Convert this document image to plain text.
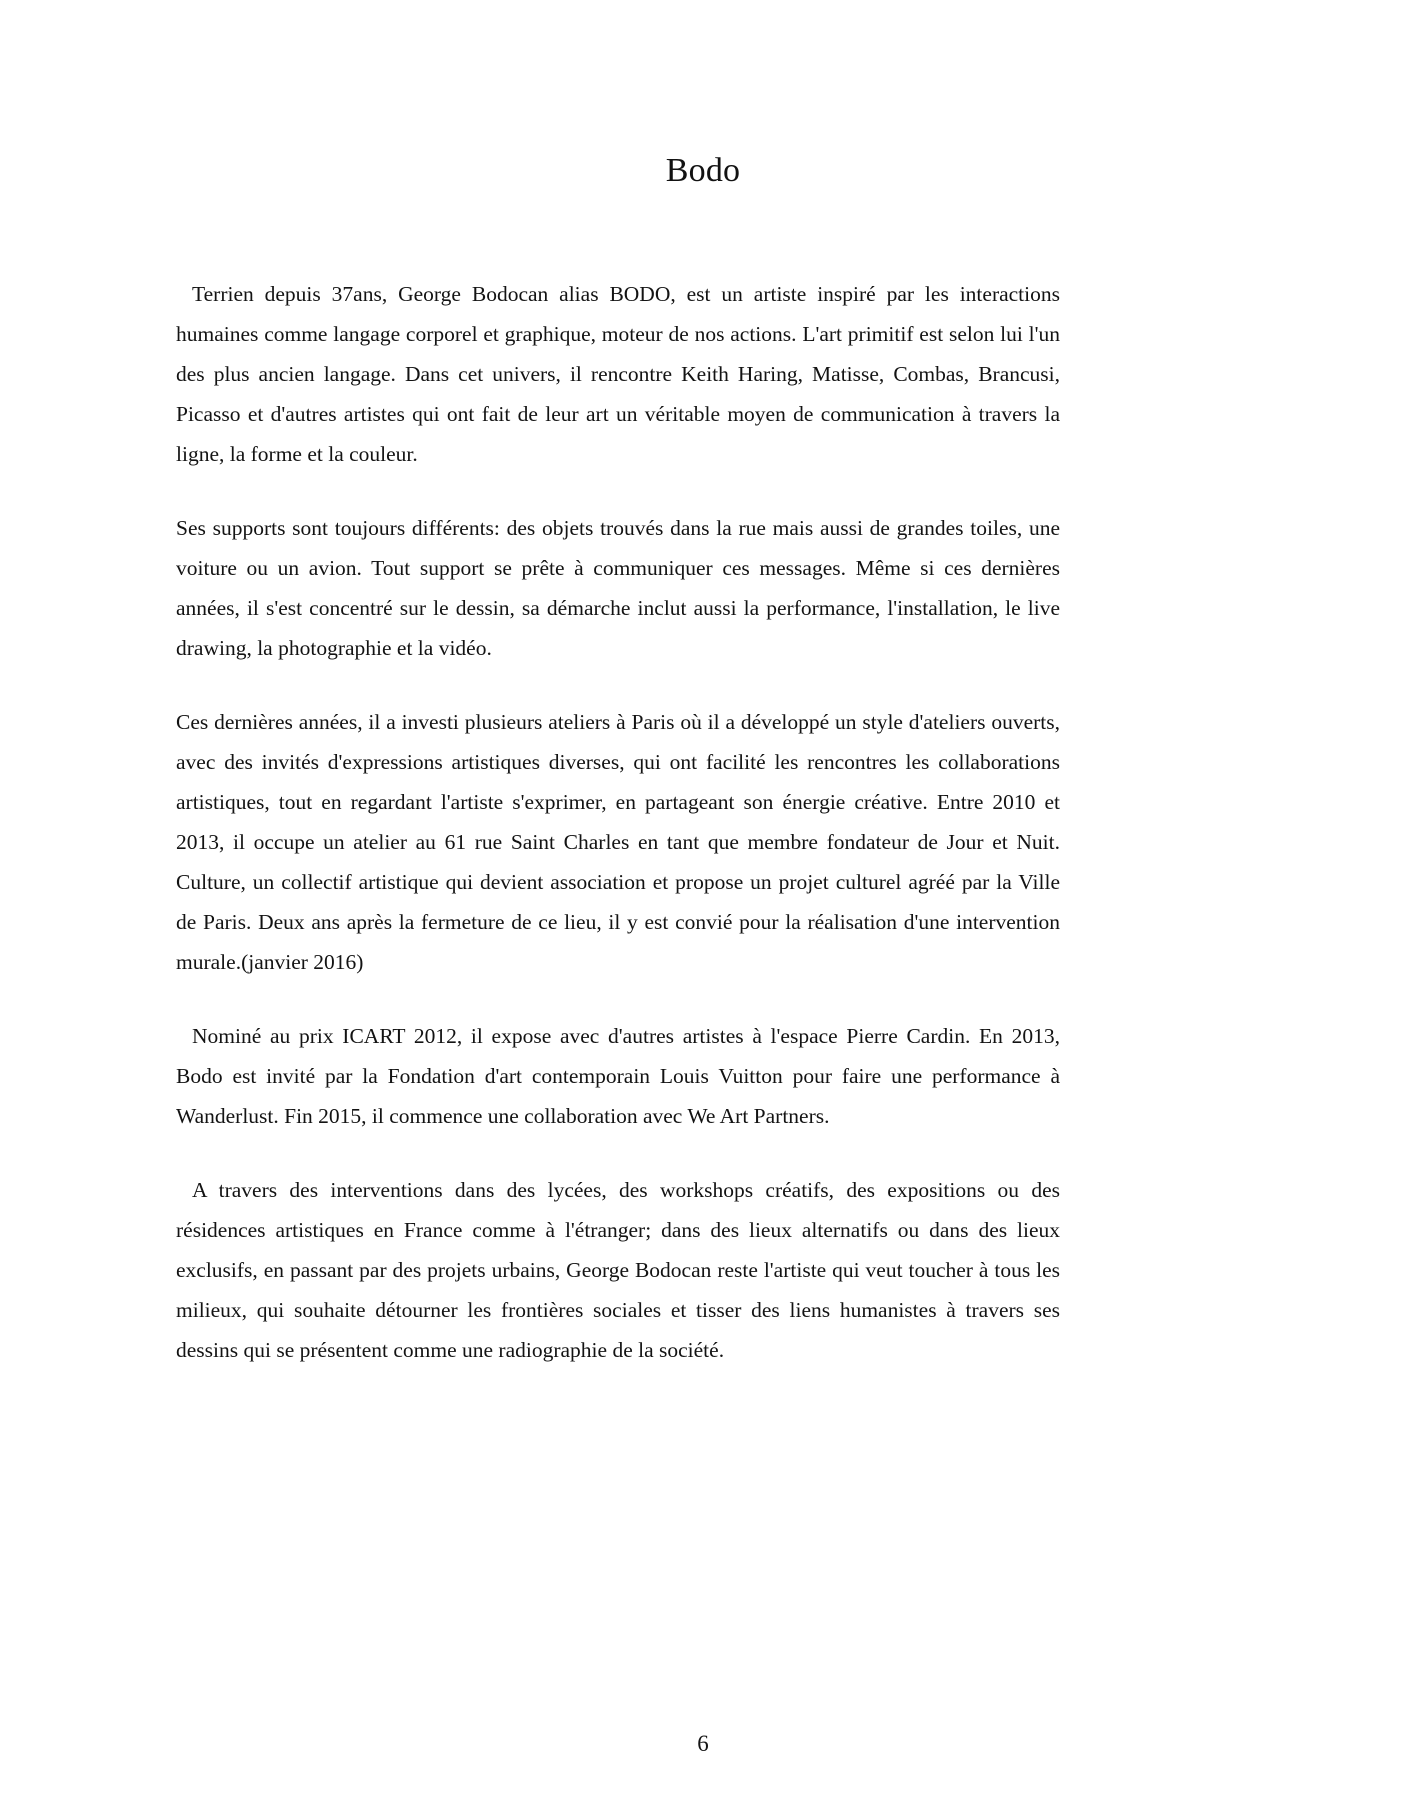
Bodo

Terrien depuis 37ans, George Bodocan alias BODO, est un artiste inspiré par les interactions humaines comme langage corporel et graphique, moteur de nos actions. L'art primitif est selon lui l'un des plus ancien langage. Dans cet univers, il rencontre Keith Haring, Matisse, Combas, Brancusi, Picasso et d'autres artistes qui ont fait de leur art un véritable moyen de communication à travers la ligne, la forme et la couleur.

Ses supports sont toujours différents: des objets trouvés dans la rue mais aussi de grandes toiles, une voiture ou un avion. Tout support se prête à communiquer ces messages. Même si ces dernières années, il s'est concentré sur le dessin, sa démarche inclut aussi la performance, l'installation, le live drawing, la photographie et la vidéo.

Ces dernières années, il a investi plusieurs ateliers à Paris où il a développé un style d'ateliers ouverts, avec des invités d'expressions artistiques diverses, qui ont facilité les rencontres les collaborations artistiques, tout en regardant l'artiste s'exprimer, en partageant son énergie créative. Entre 2010 et 2013, il occupe un atelier au 61 rue Saint Charles en tant que membre fondateur de Jour et Nuit. Culture, un collectif artistique qui devient association et propose un projet culturel agréé par la Ville de Paris. Deux ans après la fermeture de ce lieu, il y est convié pour la réalisation d'une intervention murale.(janvier 2016)

Nominé au prix ICART 2012, il expose avec d'autres artistes à l'espace Pierre Cardin. En 2013, Bodo est invité par la Fondation d'art contemporain Louis Vuitton pour faire une performance à Wanderlust. Fin 2015, il commence une collaboration avec We Art Partners.

A travers des interventions dans des lycées, des workshops créatifs, des expositions ou des résidences artistiques en France comme à l'étranger; dans des lieux alternatifs ou dans des lieux exclusifs, en passant par des projets urbains, George Bodocan reste l'artiste qui veut toucher à tous les milieux, qui souhaite détourner les frontières sociales et tisser des liens humanistes à travers ses dessins qui se présentent comme une radiographie de la société.

6
